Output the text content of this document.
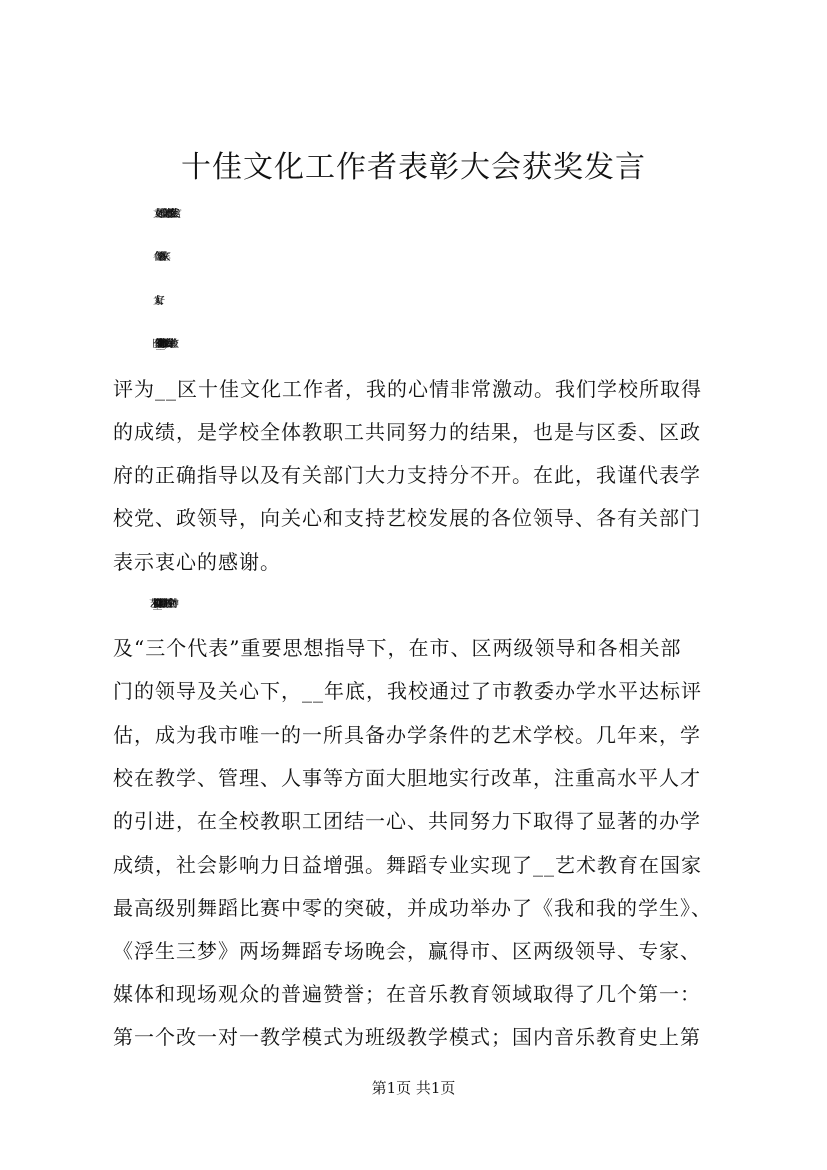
十佳文化工作者表彰大会获奖发言
文章标题：十佳文化工作者表彰大会获奖发言
各位领导、各位来宾：
大家好。
今天能有幸参加__区十佳文化工作者表彰大会，并荣幸地被
评为__区十佳文化工作者，我的心情非常激动。我们学校所取得
的成绩，是学校全体教职工共同努力的结果，也是与区委、区政
府的正确指导以及有关部门大力支持分不开。在此，我谨代表学
校党、政领导，向关心和支持艺校发展的各位领导、各有关部门
表示衷心的感谢。
近年来，__艺术学校在认真学习和贯彻十六届五中全会精神
及“三个代表”重要思想指导下，在市、区两级领导和各相关部
门的领导及关心下，__年底，我校通过了市教委办学水平达标评
估，成为我市唯一的一所具备办学条件的艺术学校。几年来，学
校在教学、管理、人事等方面大胆地实行改革，注重高水平人才
的引进，在全校教职工团结一心、共同努力下取得了显著的办学
成绩，社会影响力日益增强。舞蹈专业实现了__艺术教育在国家
最高级别舞蹈比赛中零的突破，并成功举办了《我和我的学生》、
《浮生三梦》两场舞蹈专场晚会，赢得市、区两级领导、专家、
媒体和现场观众的普遍赞誉；在音乐教育领域取得了几个第一：
第一个改一对一教学模式为班级教学模式；国内音乐教育史上第
第1页 共1页
